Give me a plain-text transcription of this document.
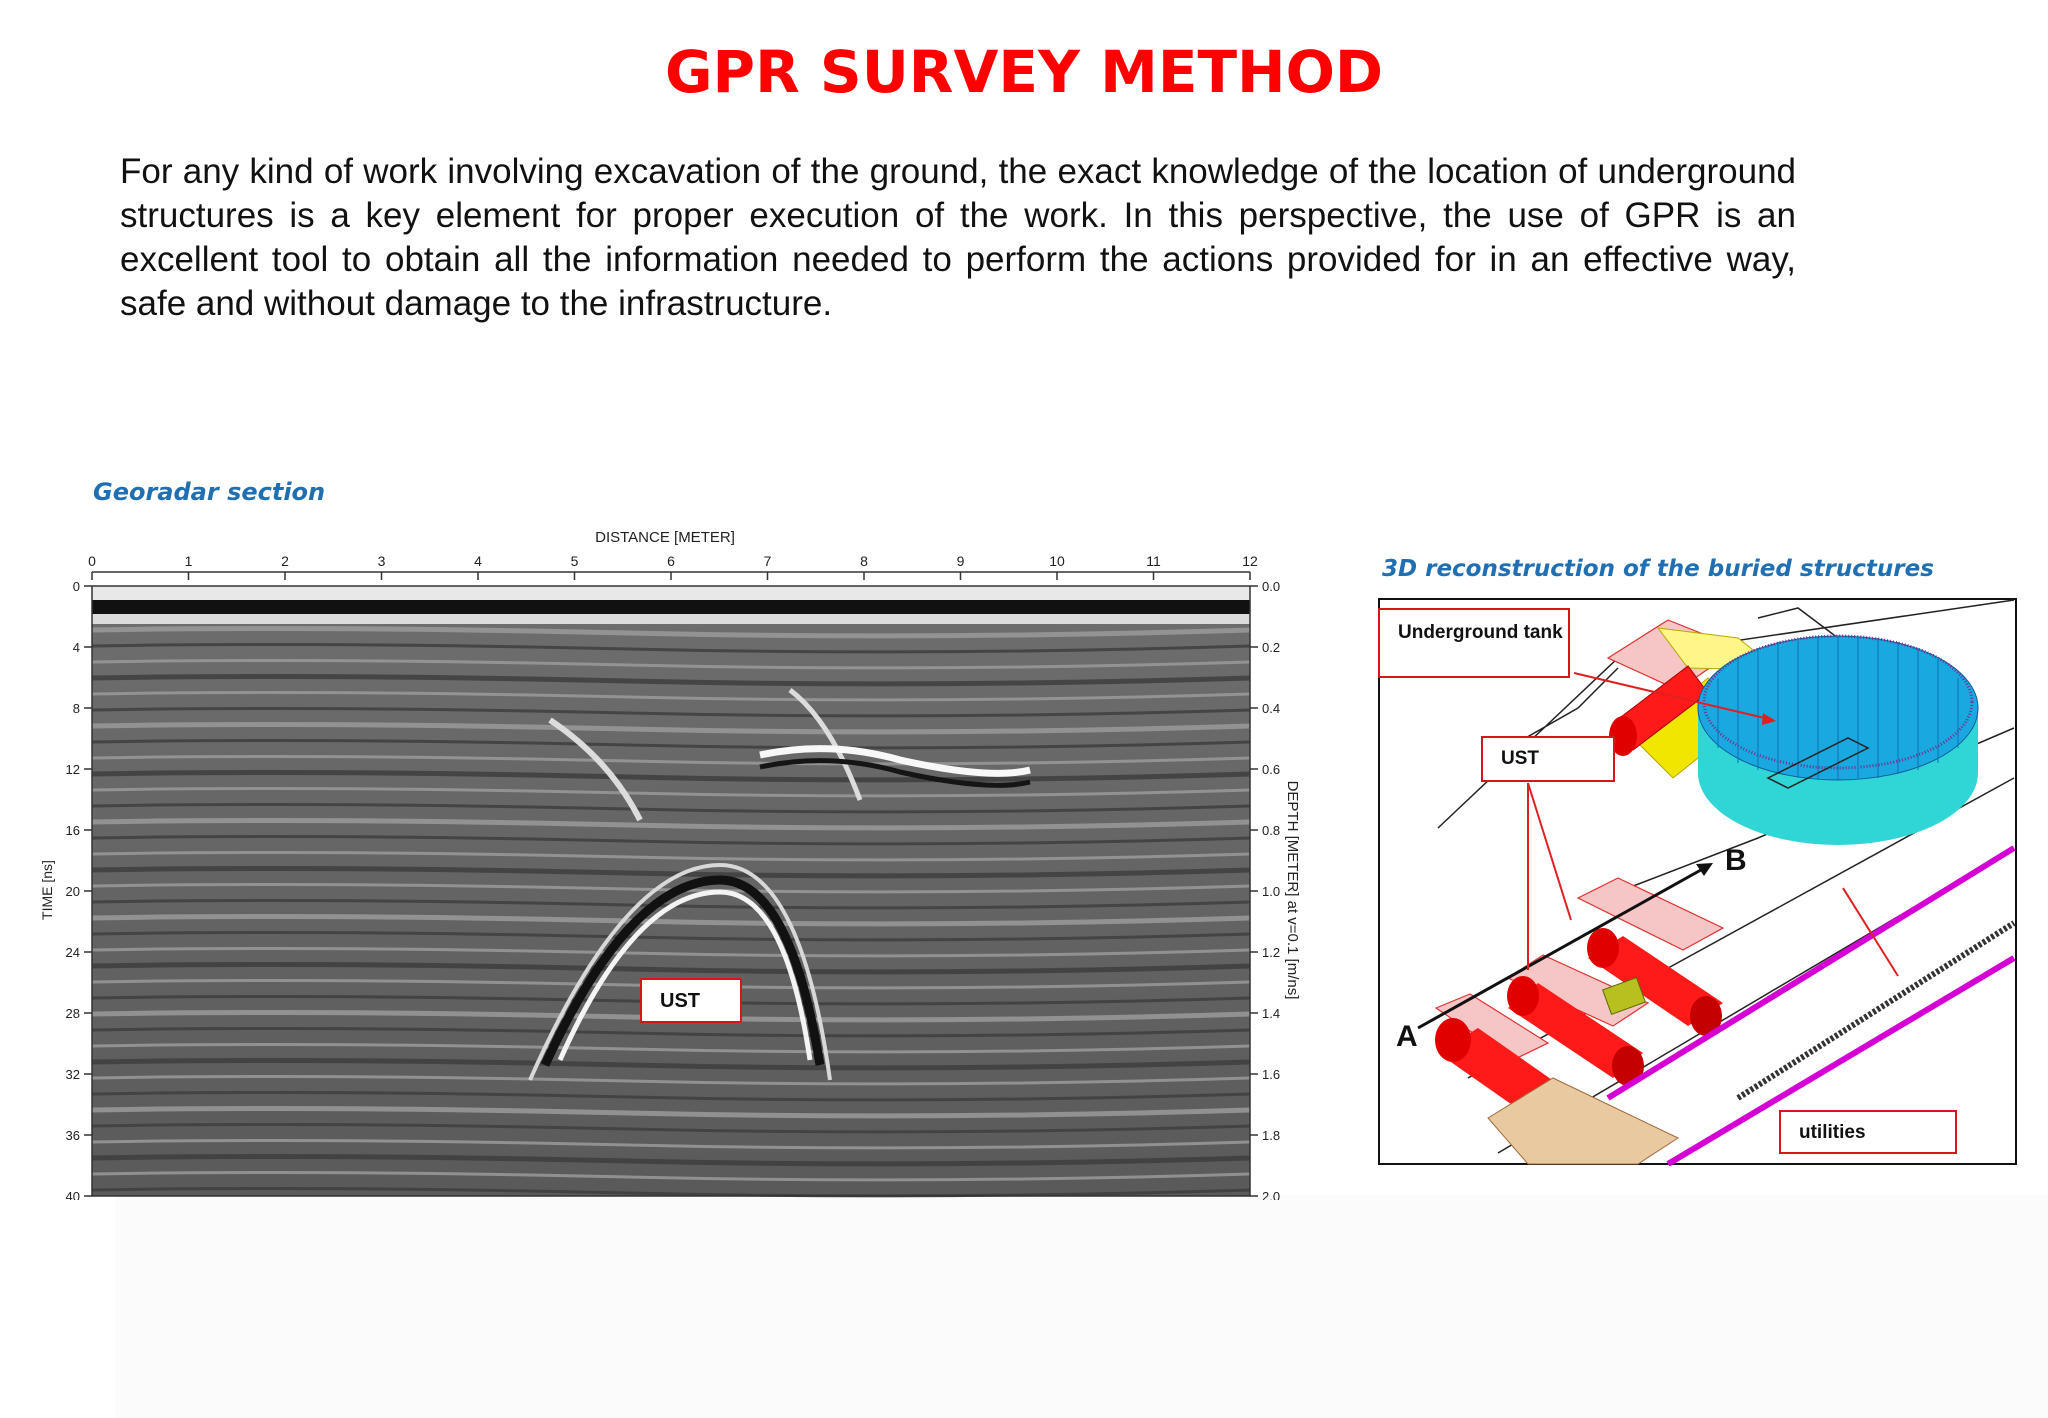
GPR SURVEY METHOD
For any kind of work involving excavation of the ground, the exact knowledge of the location of underground structures is a key element for proper execution of the work. In this perspective, the use of GPR is an excellent tool to obtain all the information needed to perform the actions provided for in an effective way, safe and without damage to the infrastructure.
Georadar section
0	1	2	3	4	5	6	7	8	9	10	11	12
0
4
8
12
16
20
24
28
32
36
40
0.0
0.2
0.4
0.6
0.8
1.0
1.2
1.4
1.6
1.8
2.0
DISTANCE [METER]
TIME [ns]	DEPTH [METER] at v=0.1 [m/ns]
UST
3D reconstruction of the buried structures
A
B
Underground tank
UST
utilities
